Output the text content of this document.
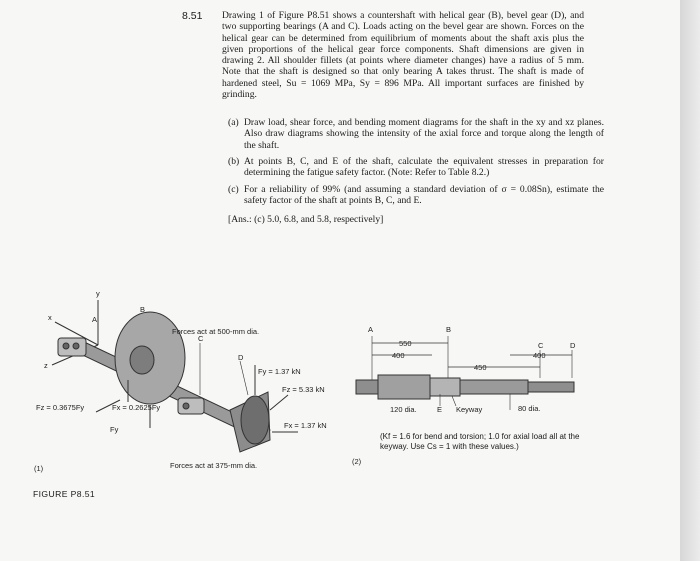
8.51 Drawing 1 of Figure P8.51 shows a countershaft with helical gear (B), bevel gear (D), and two supporting bearings (A and C). Loads acting on the bevel gear are shown. Forces on the helical gear can be determined from equilibrium of moments about the shaft axis plus the given proportions of the helical gear force components. Shaft dimensions are given in drawing 2. All shoulder fillets (at points where diameter changes) have a radius of 5 mm. Note that the shaft is designed so that only bearing A takes thrust. The shaft is made of hardened steel, Su = 1069 MPa, Sy = 896 MPa. All important surfaces are finished by grinding.
(a) Draw load, shear force, and bending moment diagrams for the shaft in the xy and xz planes. Also draw diagrams showing the intensity of the axial force and torque along the length of the shaft.
(b) At points B, C, and E of the shaft, calculate the equivalent stresses in preparation for determining the fatigue safety factor. (Note: Refer to Table 8.2.)
(c) For a reliability of 99% (and assuming a standard deviation of σ = 0.08Sn), estimate the safety factor of the shaft at points B, C, and E.
[Ans.: (c) 5.0, 6.8, and 5.8, respectively]
y
x
z
A
B
C
D
Forces act at 500-mm dia.
Forces act at 375-mm dia.
Fy = 1.37 kN
Fz = 5.33 kN
Fx = 1.37 kN
Fz = 0.3675Fy	Fx = 0.2625Fy
Fy
(1)
A	B
C	D
550
400
450
400
120 dia.	E Keyway	80 dia.
(2)
(Kf = 1.6 for bend and torsion; 1.0 for axial load all at the keyway. Use Cs = 1 with these values.)
FIGURE P8.51
